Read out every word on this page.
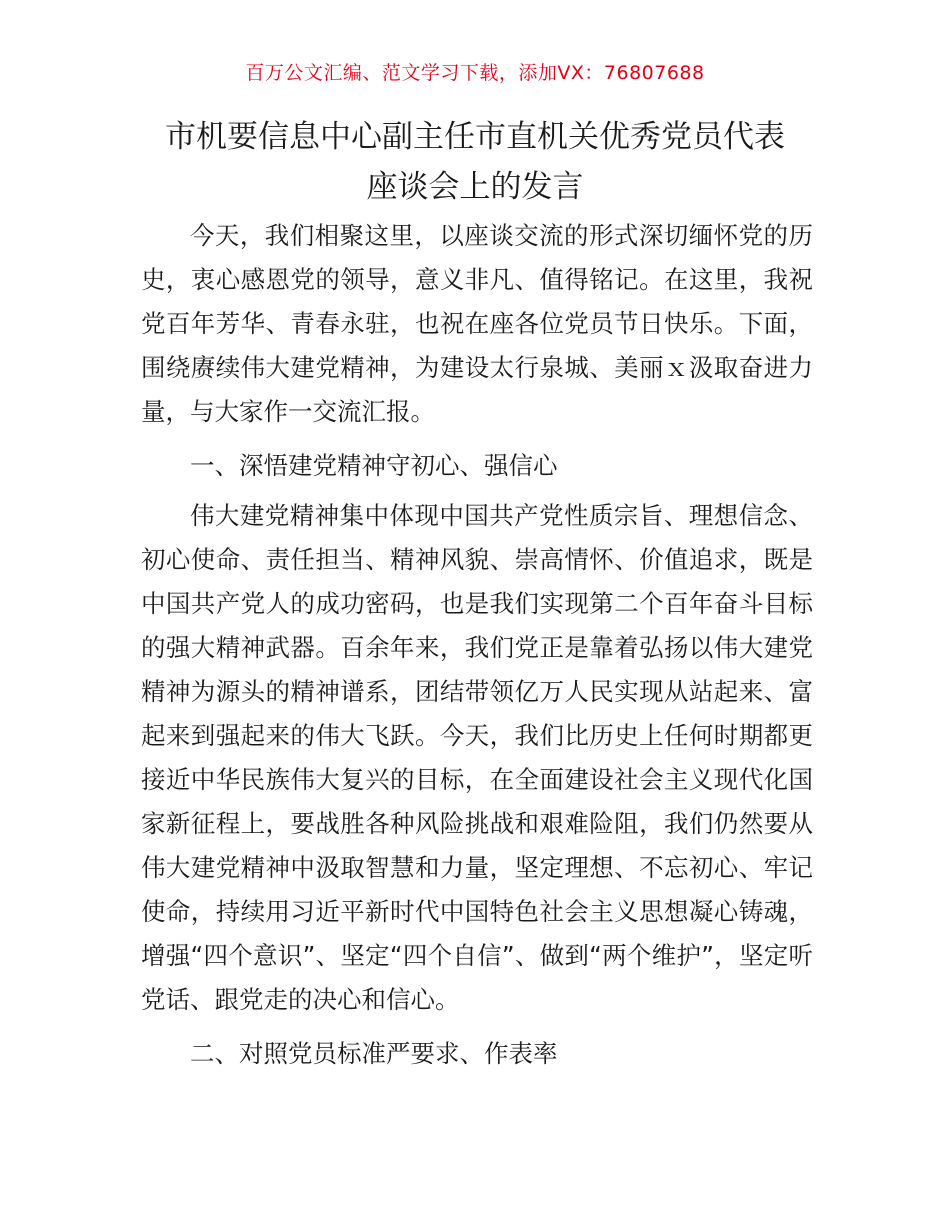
百万公文汇编、范文学习下载，添加VX：76807688
市机要信息中心副主任市直机关优秀党员代表
座谈会上的发言

今天，我们相聚这里，以座谈交流的形式深切缅怀党的历史，衷心感恩党的领导，意义非凡、值得铭记。在这里，我祝党百年芳华、青春永驻，也祝在座各位党员节日快乐。下面，围绕赓续伟大建党精神，为建设太行泉城、美丽ｘ汲取奋进力量，与大家作一交流汇报。

一、深悟建党精神守初心、强信心

伟大建党精神集中体现中国共产党性质宗旨、理想信念、初心使命、责任担当、精神风貌、崇高情怀、价值追求，既是中国共产党人的成功密码，也是我们实现第二个百年奋斗目标的强大精神武器。百余年来，我们党正是靠着弘扬以伟大建党精神为源头的精神谱系，团结带领亿万人民实现从站起来、富起来到强起来的伟大飞跃。今天，我们比历史上任何时期都更接近中华民族伟大复兴的目标，在全面建设社会主义现代化国家新征程上，要战胜各种风险挑战和艰难险阻，我们仍然要从伟大建党精神中汲取智慧和力量，坚定理想、不忘初心、牢记使命，持续用习近平新时代中国特色社会主义思想凝心铸魂，增强“四个意识”、坚定“四个自信”、做到“两个维护”，坚定听党话、跟党走的决心和信心。

二、对照党员标准严要求、作表率
